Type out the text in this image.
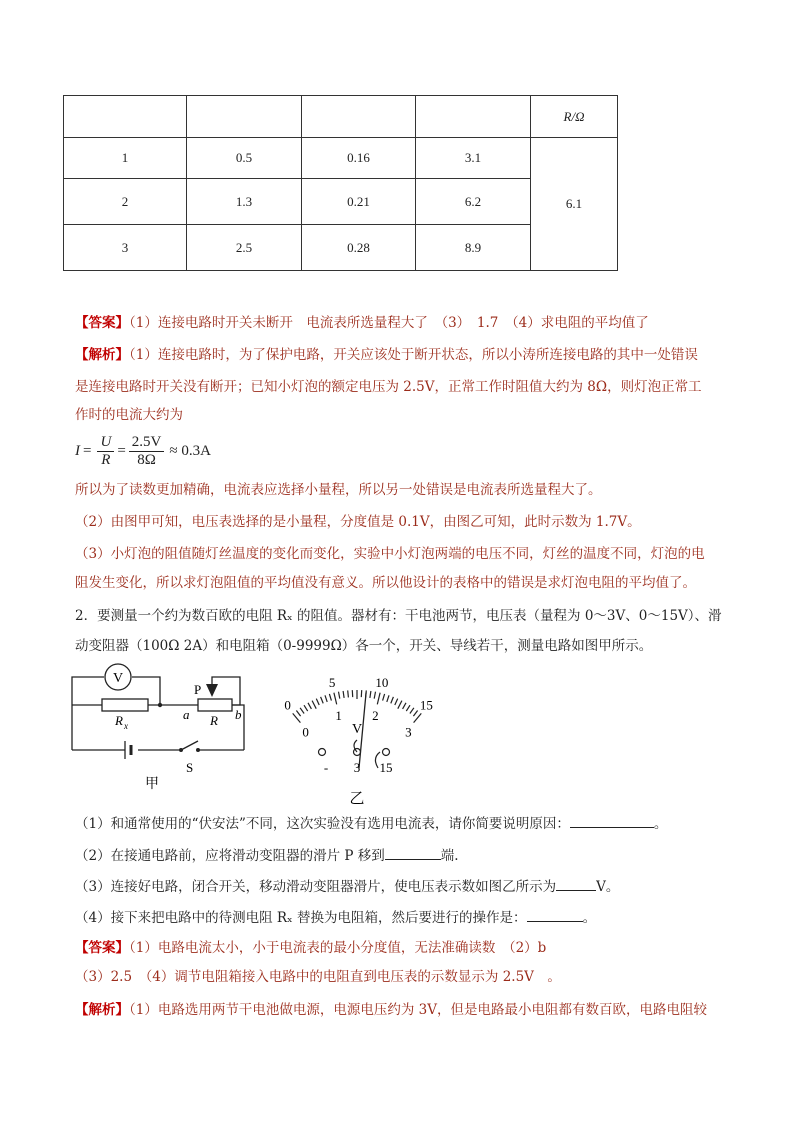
				R/Ω
1	0.5	0.16	3.1	6.1
2	1.3	0.21	6.2	
3	2.5	0.28	8.9	
【答案】（1）连接电路时开关未断开　电流表所选量程大了　（3）　1.7　（4）求电阻的平均值了
【解析】（1）连接电路时，为了保护电路，开关应该处于断开状态，所以小涛所连接电路的其中一处错误
是连接电路时开关没有断开；已知小灯泡的额定电压为 2.5V，正常工作时阻值大约为 8Ω，则灯泡正常工
作时的电流大约为
$I = \frac{U}{R} = \frac{2.5V}{8\Omega} \approx 0.3A$
所以为了读数更加精确，电流表应选择小量程，所以另一处错误是电流表所选量程大了。
（2）由图甲可知，电压表选择的是小量程，分度值是 0.1V，由图乙可知，此时示数为 1.7V。
（3）小灯泡的阻值随灯丝温度的变化而变化，实验中小灯泡两端的电压不同，灯丝的温度不同，灯泡的电
阻发生变化，所以求灯泡阻值的平均值没有意义。所以他设计的表格中的错误是求灯泡电阻的平均值了。
2．要测量一个约为数百欧的电阻 Rₓ 的阻值。器材有：干电池两节，电压表（量程为 0～3V、0～15V）、滑
动变阻器（100Ω 2A）和电阻箱（0-9999Ω）各一个，开关、导线若干，测量电路如图甲所示。
V
R x
a	b
P
R
S
甲
0
5	10
15
0
1 2
3
V
- 3 15
乙
（1）和通常使用的“伏安法”不同，这次实验没有选用电流表，请你简要说明原因：	。
（2）在接通电路前，应将滑动变阻器的滑片 P 移到	端.
（3）连接好电路，闭合开关，移动滑动变阻器滑片，使电压表示数如图乙所示为	V。
（4）接下来把电路中的待测电阻 Rₓ 替换为电阻箱，然后要进行的操作是：	。
【答案】（1）电路电流太小，小于电流表的最小分度值，无法准确读数　（2）b
（3）2.5　（4）调节电阻箱接入电路中的电阻直到电压表的示数显示为 2.5V　。
【解析】（1）电路选用两节干电池做电源，电源电压约为 3V，但是电路最小电阻都有数百欧，电路电阻较
